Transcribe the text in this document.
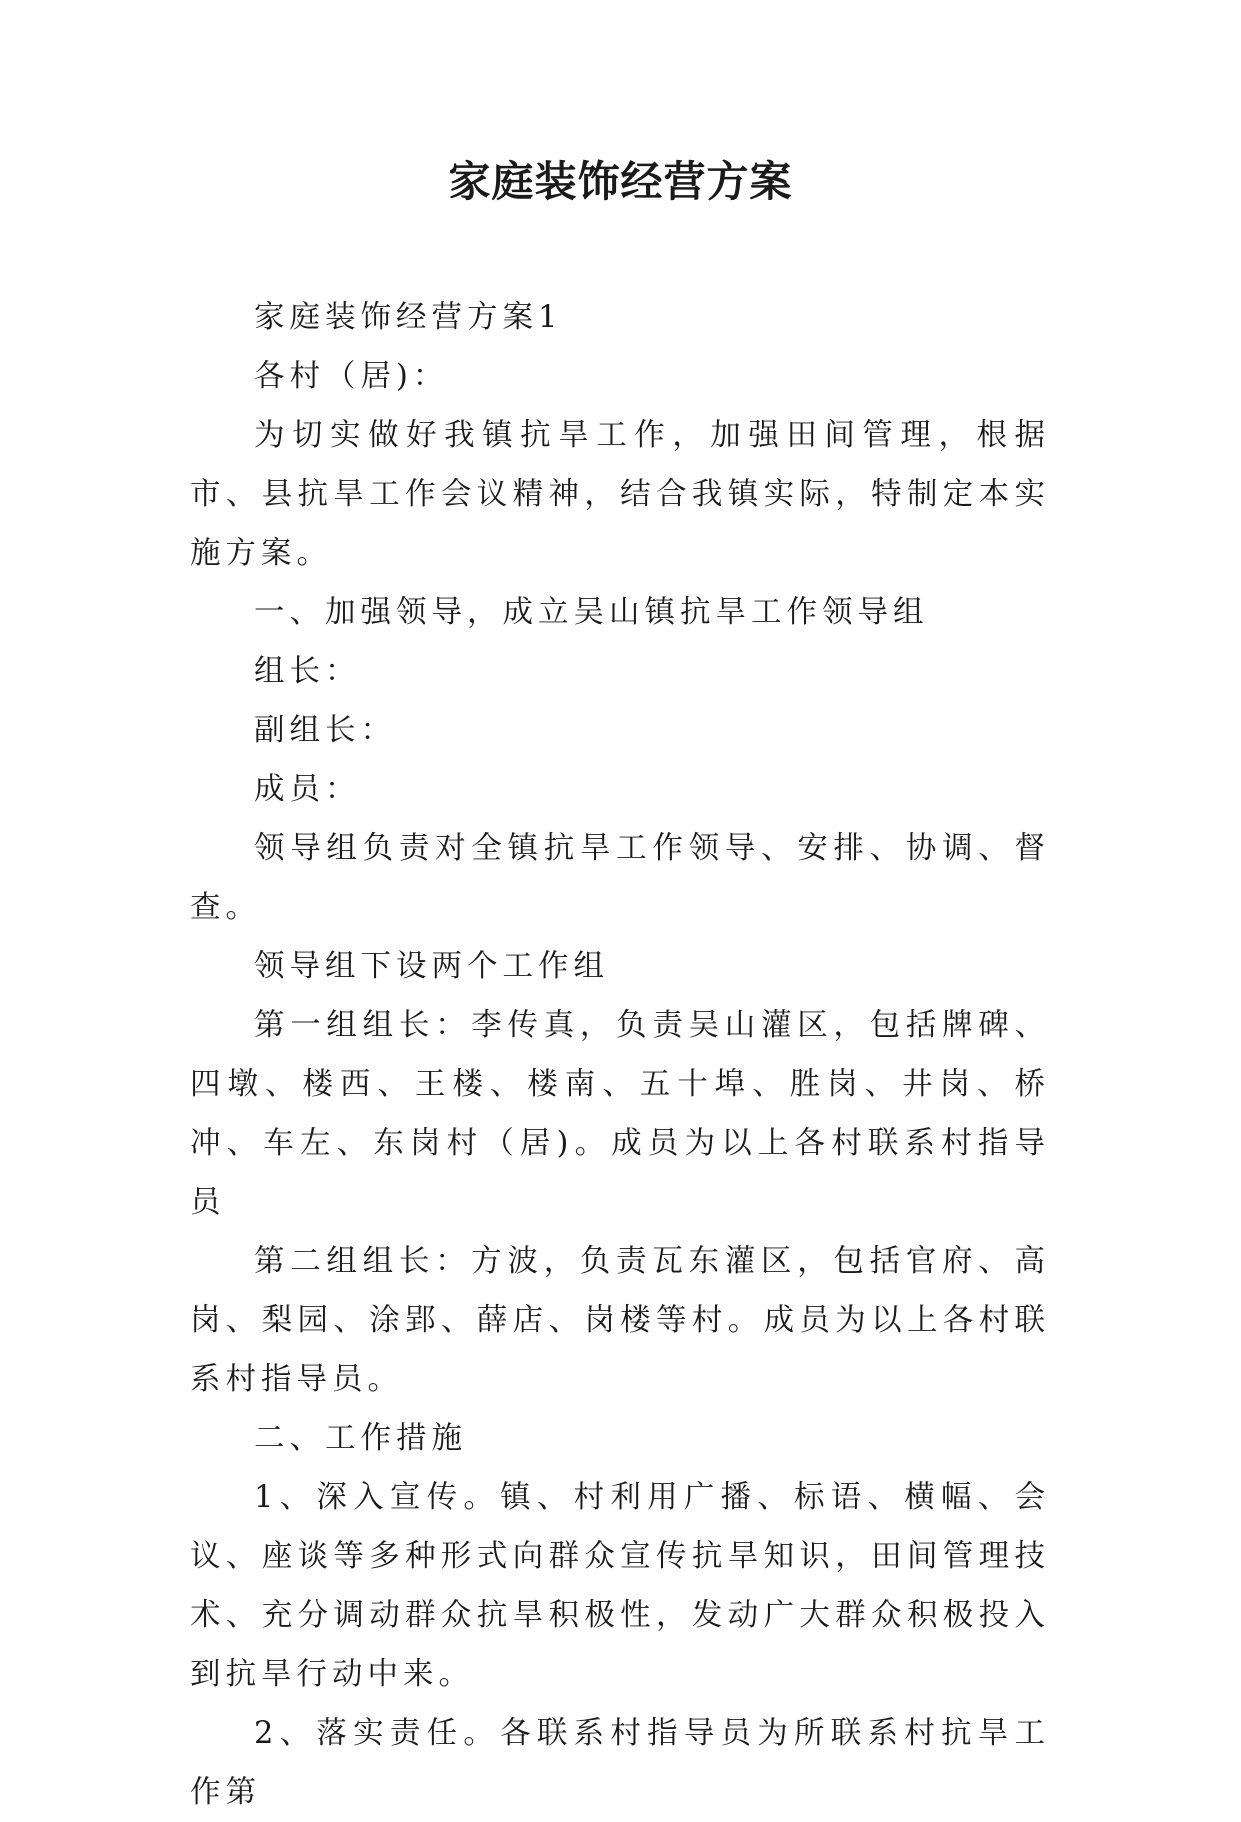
家庭装饰经营方案

家庭装饰经营方案1

各村（居)：

为切实做好我镇抗旱工作，加强田间管理，根据市、县抗旱工作会议精神，结合我镇实际，特制定本实施方案。

一、加强领导，成立吴山镇抗旱工作领导组

组长：

副组长：

成员：

领导组负责对全镇抗旱工作领导、安排、协调、督查。

领导组下设两个工作组

第一组组长：李传真，负责吴山灌区，包括牌碑、四墩、楼西、王楼、楼南、五十埠、胜岗、井岗、桥冲、车左、东岗村（居)。成员为以上各村联系村指导员

第二组组长：方波，负责瓦东灌区，包括官府、高岗、梨园、涂郢、薛店、岗楼等村。成员为以上各村联系村指导员。

二、工作措施

1、深入宣传。镇、村利用广播、标语、横幅、会议、座谈等多种形式向群众宣传抗旱知识，田间管理技术、充分调动群众抗旱积极性，发动广大群众积极投入到抗旱行动中来。

2、落实责任。各联系村指导员为所联系村抗旱工作第
